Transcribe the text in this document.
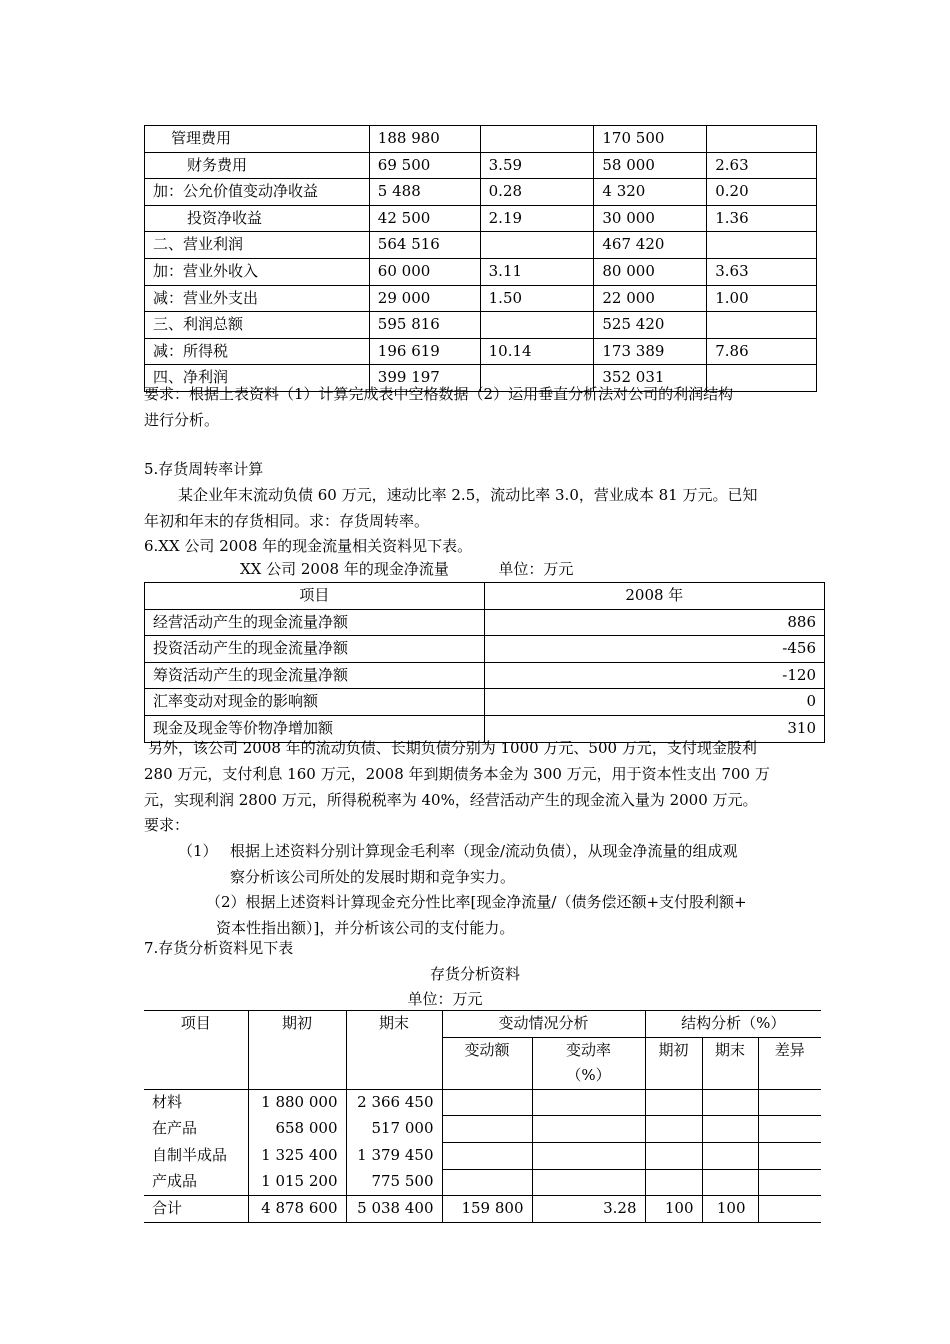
管理费用	188 980		170 500	
财务费用	69 500	3.59	58 000	2.63
加：公允价值变动净收益	5 488	0.28	4 320	0.20
投资净收益	42 500	2.19	30 000	1.36
二、营业利润	564 516		467 420	
加：营业外收入	60 000	3.11	80 000	3.63
减：营业外支出	29 000	1.50	22 000	1.00
三、利润总额	595 816		525 420	
减：所得税	196 619	10.14	173 389	7.86
四、净利润	399 197		352 031	
要求：根据上表资料（1）计算完成表中空格数据（2）运用垂直分析法对公司的利润结构
进行分析。
5.存货周转率计算
某企业年末流动负债 60 万元，速动比率 2.5，流动比率 3.0，营业成本 81 万元。已知
年初和年末的存货相同。求：存货周转率。
6.XX 公司 2008 年的现金流量相关资料见下表。
XX 公司 2008 年的现金净流量	单位：万元
项目	2008 年
经营活动产生的现金流量净额	886
投资活动产生的现金流量净额	-456
筹资活动产生的现金流量净额	-120
汇率变动对现金的影响额	0
现金及现金等价物净增加额	310
另外，该公司 2008 年的流动负债、长期负债分别为 1000 万元、500 万元，支付现金股利
280 万元，支付利息 160 万元，2008 年到期债务本金为 300 万元，用于资本性支出 700 万
元，实现利润 2800 万元，所得税税率为 40%，经营活动产生的现金流入量为 2000 万元。
要求：
（1） 根据上述资料分别计算现金毛利率（现金/流动负债），从现金净流量的组成观
察分析该公司所处的发展时期和竞争实力。
（2）根据上述资料计算现金充分性比率[现金净流量/（债务偿还额+支付股利额+
资本性指出额）]，并分析该公司的支付能力。
7.存货分析资料见下表
存货分析资料
单位：万元
项目	期初	期末	变动情况分析		结构分析（%）		
			变动额	变动率	期初	期末	差异
				（%）			
材料	1 880 000	2 366 450					
在产品	658 000	517 000					
自制半成品	1 325 400	1 379 450					
产成品	1 015 200	775 500					
合计	4 878 600	5 038 400	159 800	3.28	100	100	
